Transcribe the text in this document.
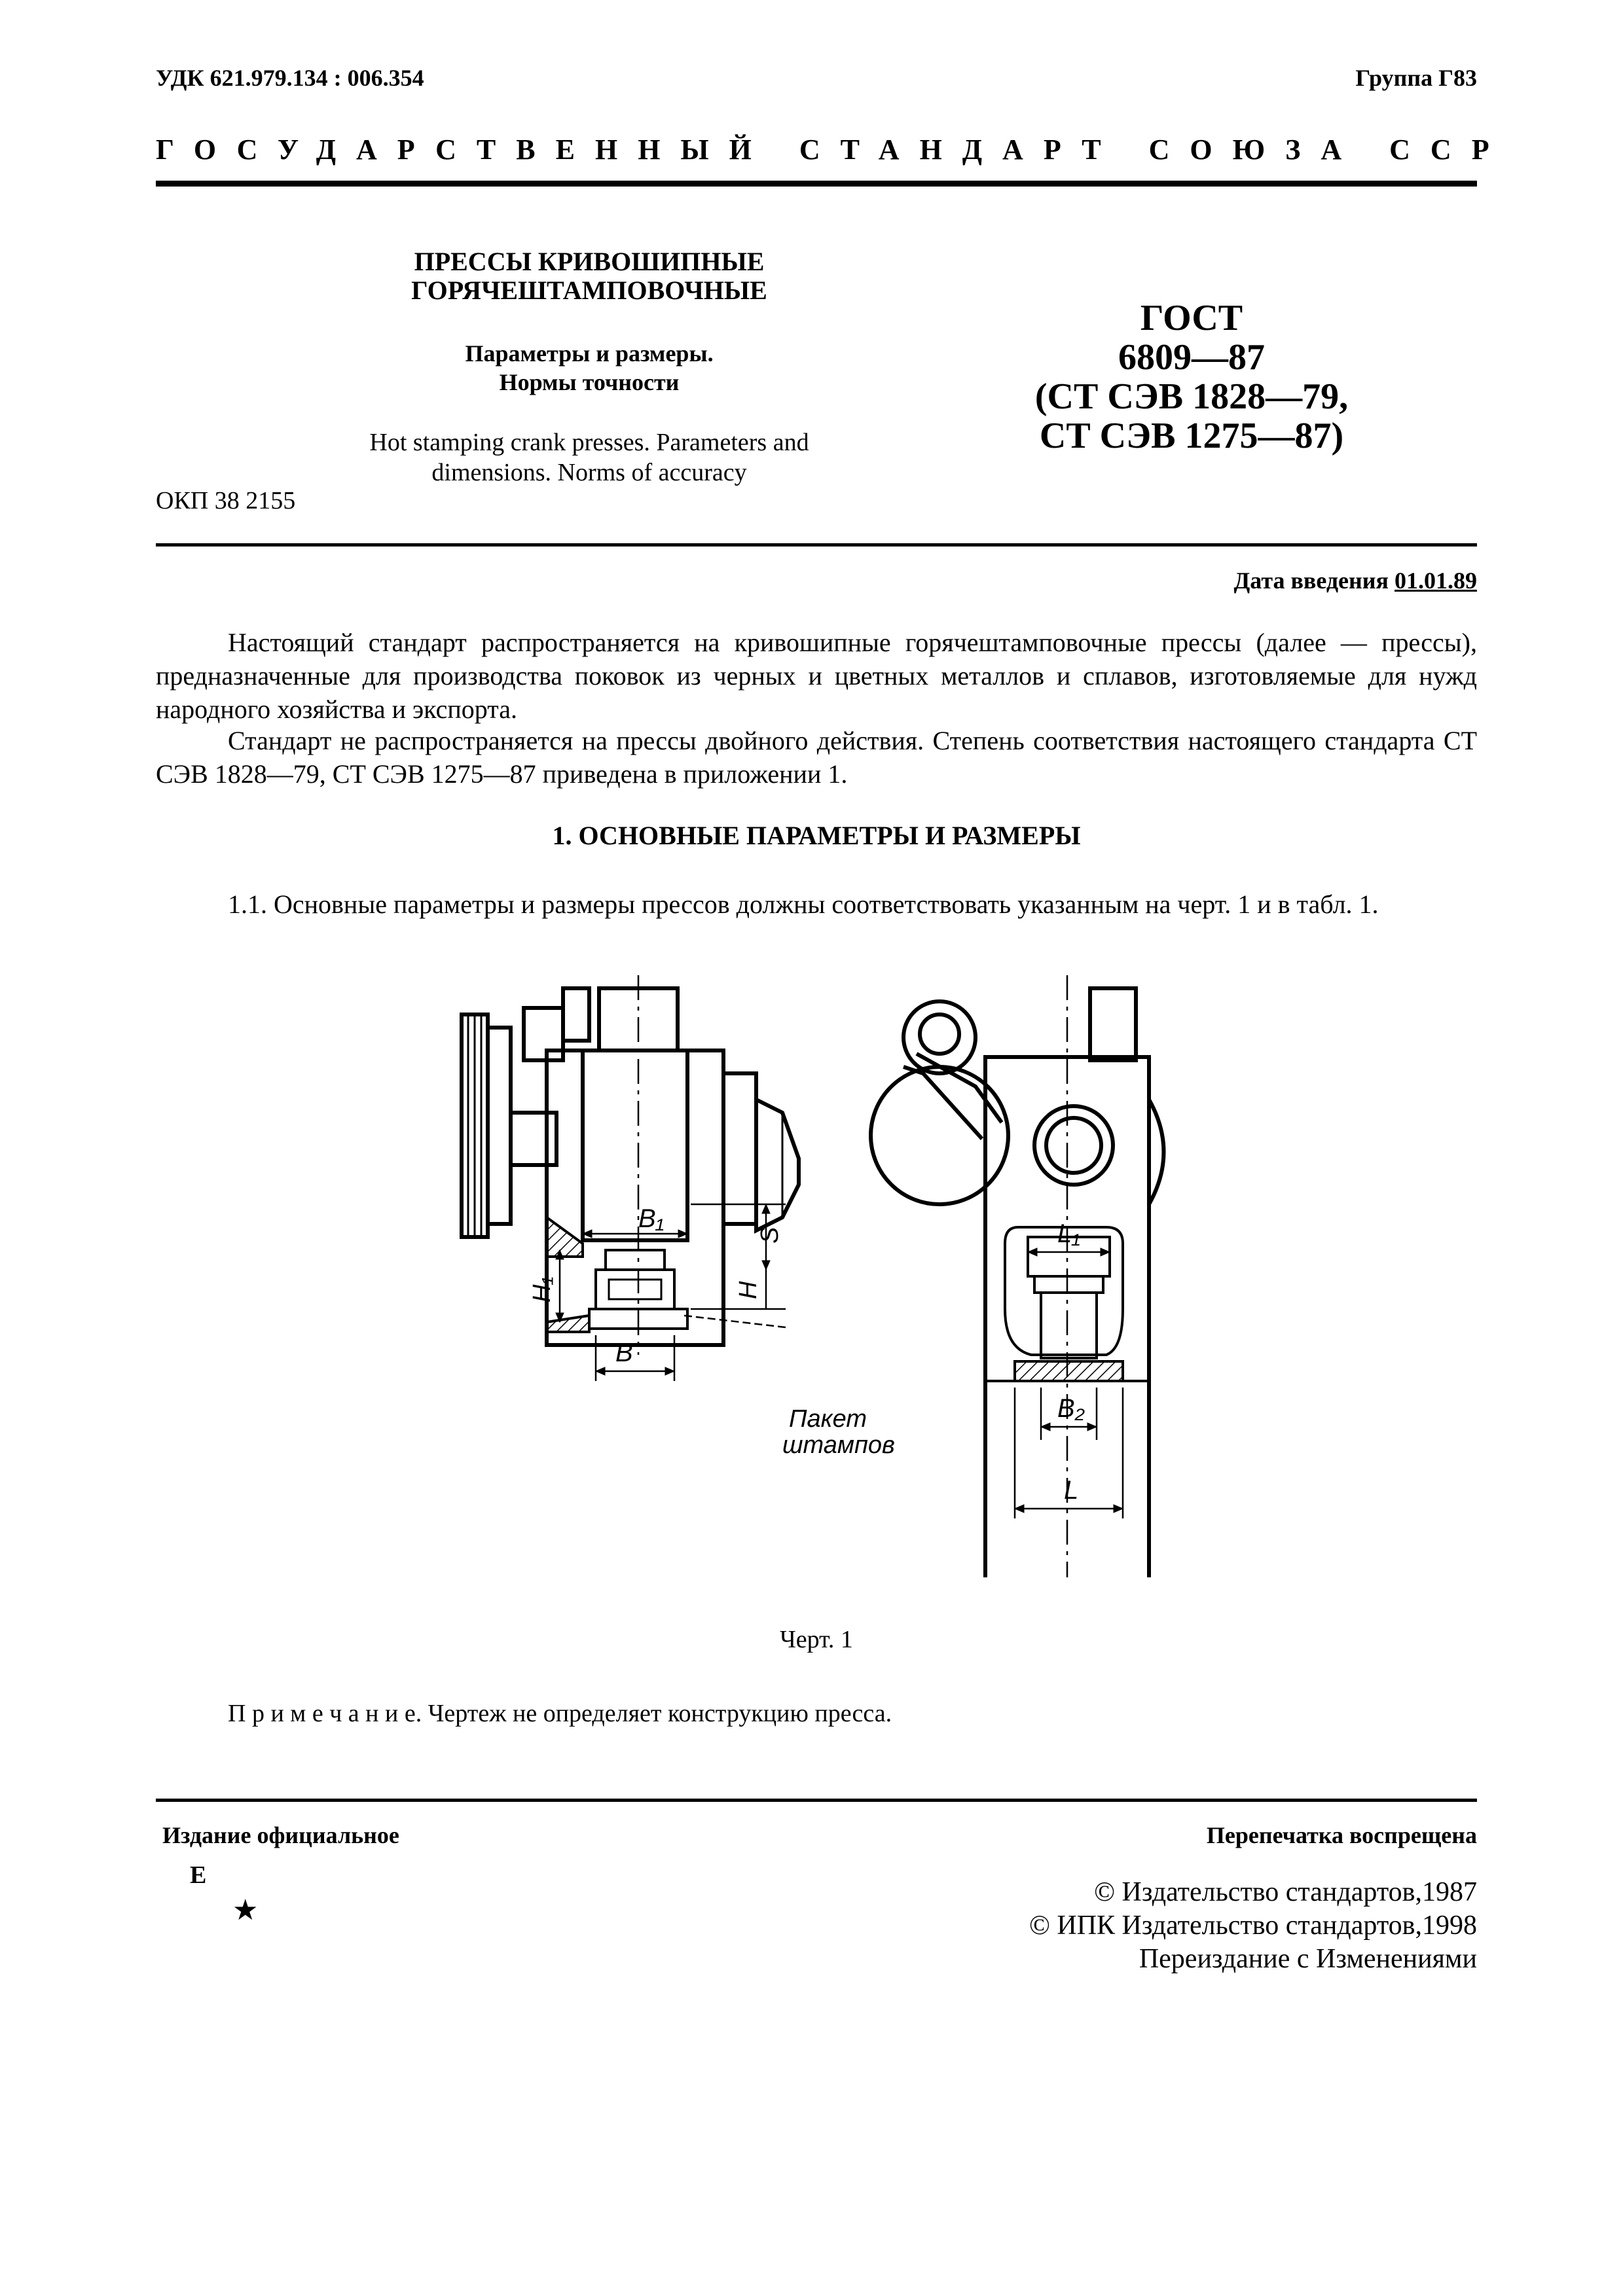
УДК 621.979.134 : 006.354	Группа Г83
ГОСУДАРСТВЕННЫЙ СТАНДАРТ СОЮЗА ССР
ПРЕССЫ КРИВОШИПНЫЕ
ГОРЯЧЕШТАМПОВОЧНЫЕ
Параметры и размеры.
Нормы точности
Hot stamping crank presses. Parameters and
dimensions. Norms of accuracy
ОКП 38 2155
ГОСТ
6809—87
(СТ СЭВ 1828—79,
СТ СЭВ 1275—87)
Дата введения 01.01.89

Настоящий стандарт распространяется на кривошипные горячештамповочные прессы (далее — прессы), предназначенные для производства поковок из черных и цветных металлов и сплавов, изготовляемые для нужд народного хозяйства и экспорта.

Стандарт не распространяется на прессы двойного действия. Степень соответствия настоящего стандарта СТ СЭВ 1828—79, СТ СЭВ 1275—87 приведена в приложении 1.

1. ОСНОВНЫЕ ПАРАМЕТРЫ И РАЗМЕРЫ

1.1. Основные параметры и размеры прессов должны соответствовать указанным на черт. 1 и в табл. 1.

B₁
S
H
H₁
B
Пакет
штампов
L₁
B₂
L
Черт. 1
П р и м е ч а н и е. Чертеж не определяет конструкцию пресса.
Издание официальное	Перепечатка воспрещена
E
★
© Издательство стандартов,1987
© ИПК Издательство стандартов,1998
Переиздание с Изменениями
